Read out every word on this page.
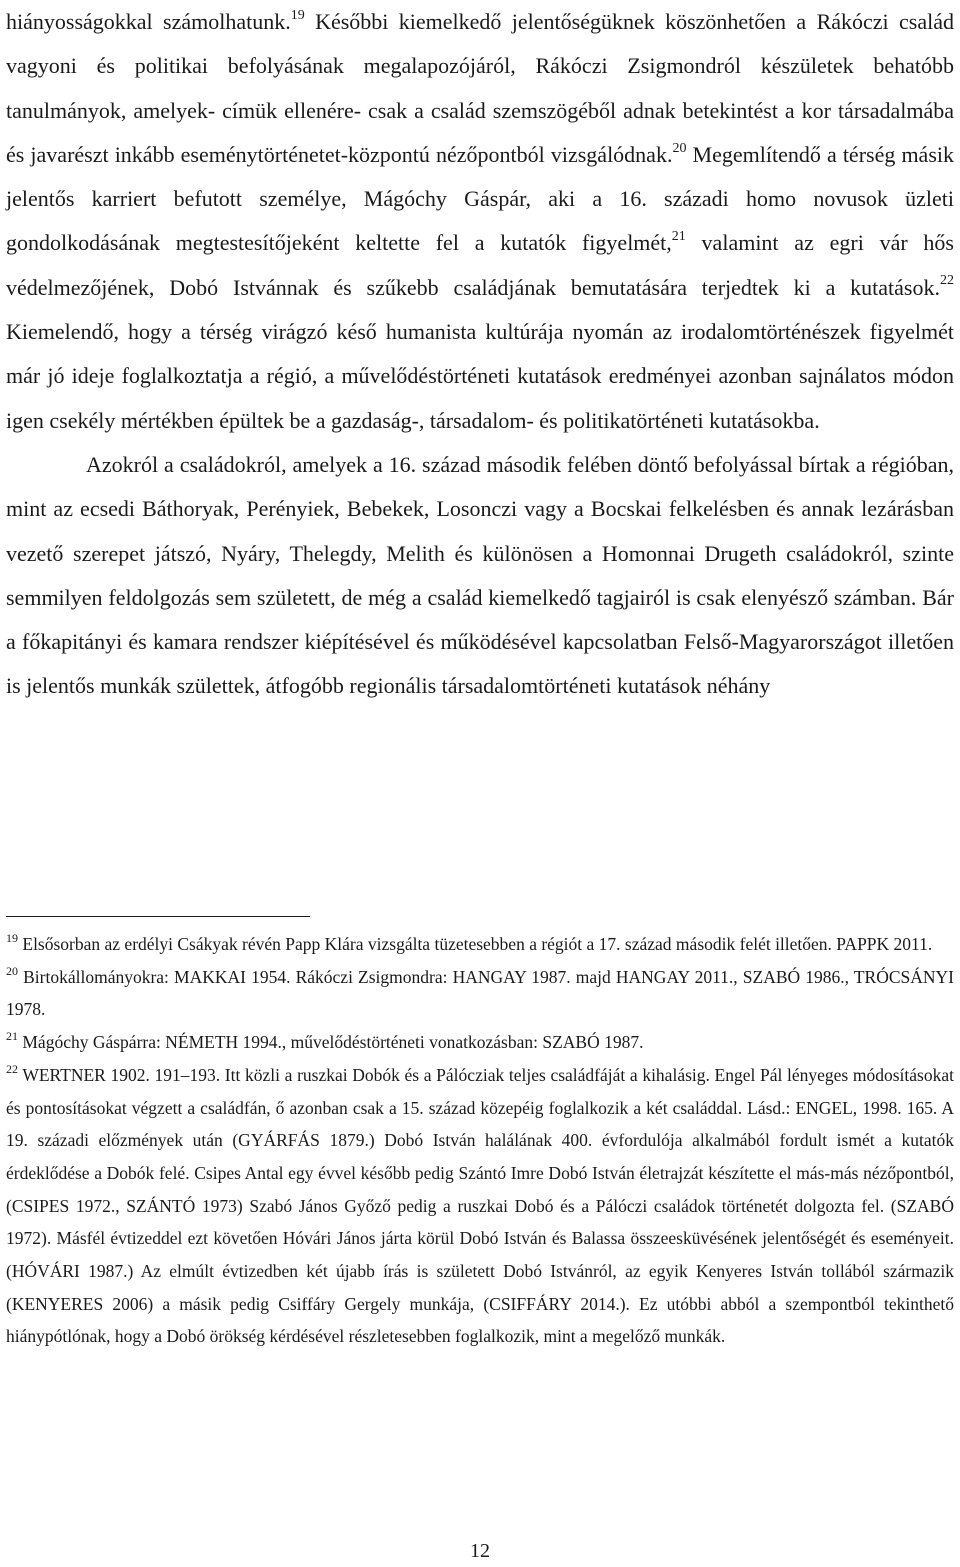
hiányosságokkal számolhatunk.$^{19}$ Későbbi kiemelkedő jelentőségüknek köszönhetően a Rákóczi család vagyoni és politikai befolyásának megalapozójáról, Rákóczi Zsigmondról készületek behatóbb tanulmányok, amelyek- címük ellenére- csak a család szemszögéből adnak betekintést a kor társadalmába és javarészt inkább eseménytörténetet-központú nézőpontból vizsgálódnak.$^{20}$ Megemlítendő a térség másik jelentős karriert befutott személye, Mágóchy Gáspár, aki a 16. századi homo novusok üzleti gondolkodásának megtestesítőjeként keltette fel a kutatók figyelmét,$^{21}$ valamint az egri vár hős védelmezőjének, Dobó Istvánnak és szűkebb családjának bemutatására terjedtek ki a kutatások.$^{22}$ Kiemelendő, hogy a térség virágzó késő humanista kultúrája nyomán az irodalomtörténészek figyelmét már jó ideje foglalkoztatja a régió, a művelődéstörténeti kutatások eredményei azonban sajnálatos módon igen csekély mértékben épültek be a gazdaság-, társadalom- és politikatörténeti kutatásokba.

Azokról a családokról, amelyek a 16. század második felében döntő befolyással bírtak a régióban, mint az ecsedi Báthoryak, Perényiek, Bebekek, Losonczi vagy a Bocskai felkelésben és annak lezárásban vezető szerepet játszó, Nyáry, Thelegdy, Melith és különösen a Homonnai Drugeth családokról, szinte semmilyen feldolgozás sem született, de még a család kiemelkedő tagjairól is csak elenyésző számban. Bár a főkapitányi és kamara rendszer kiépítésével és működésével kapcsolatban Felső-Magyarországot illetően is jelentős munkák születtek, átfogóbb regionális társadalomtörténeti kutatások néhány

$^{19}$ Elsősorban az erdélyi Csákyak révén Papp Klára vizsgálta tüzetesebben a régiót a 17. század második felét illetően. PAPPK 2011.

$^{20}$ Birtokállományokra: MAKKAI 1954. Rákóczi Zsigmondra: HANGAY 1987. majd HANGAY 2011., SZABÓ 1986., TRÓCSÁNYI 1978.

$^{21}$ Mágóchy Gáspárra: NÉMETH 1994., művelődéstörténeti vonatkozásban: SZABÓ 1987.

$^{22}$ WERTNER 1902. 191–193. Itt közli a ruszkai Dobók és a Pálócziak teljes családfáját a kihalásig. Engel Pál lényeges módosításokat és pontosításokat végzett a családfán, ő azonban csak a 15. század közepéig foglalkozik a két családdal. Lásd.: ENGEL, 1998. 165. A 19. századi előzmények után (GYÁRFÁS 1879.) Dobó István halálának 400. évfordulója alkalmából fordult ismét a kutatók érdeklődése a Dobók felé. Csipes Antal egy évvel később pedig Szántó Imre Dobó István életrajzát készítette el más-más nézőpontból, (CSIPES 1972., SZÁNTÓ 1973) Szabó János Győző pedig a ruszkai Dobó és a Pálóczi családok történetét dolgozta fel. (SZABÓ 1972). Másfél évtizeddel ezt követően Hóvári János járta körül Dobó István és Balassa összeesküvésének jelentőségét és eseményeit. (HÓVÁRI 1987.) Az elmúlt évtizedben két újabb írás is született Dobó Istvánról, az egyik Kenyeres István tollából származik (KENYERES 2006) a másik pedig Csiffáry Gergely munkája, (CSIFFÁRY 2014.). Ez utóbbi abból a szempontból tekinthető hiánypótlónak, hogy a Dobó örökség kérdésével részletesebben foglalkozik, mint a megelőző munkák.

12
